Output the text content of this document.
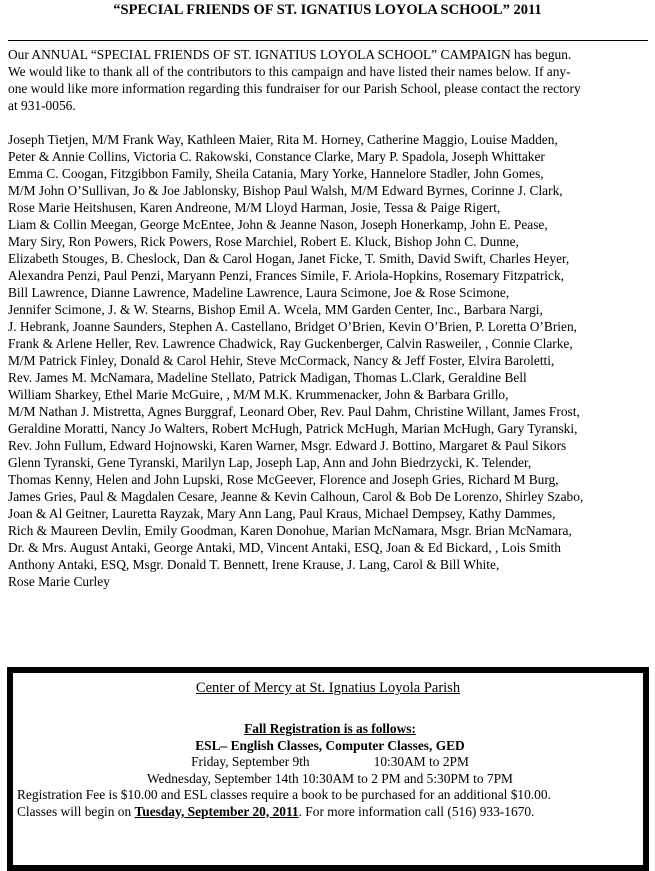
“SPECIAL FRIENDS OF ST. IGNATIUS LOYOLA SCHOOL” 2011
Our ANNUAL “SPECIAL FRIENDS OF ST. IGNATIUS LOYOLA SCHOOL” CAMPAIGN has begun.
We would like to thank all of the contributors to this campaign and have listed their names below. If any-
one would like more information regarding this fundraiser for our Parish School, please contact the rectory
at 931-0056.
Joseph Tietjen, M/M Frank Way, Kathleen Maier, Rita M. Horney, Catherine Maggio, Louise Madden,
Peter & Annie Collins, Victoria C. Rakowski, Constance Clarke, Mary P. Spadola, Joseph Whittaker
Emma C. Coogan, Fitzgibbon Family, Sheila Catania, Mary Yorke, Hannelore Stadler, John Gomes,
M/M John O’Sullivan, Jo & Joe Jablonsky, Bishop Paul Walsh, M/M Edward Byrnes, Corinne J. Clark,
Rose Marie Heitshusen, Karen Andreone, M/M Lloyd Harman, Josie, Tessa & Paige Rigert,
Liam & Collin Meegan, George McEntee, John & Jeanne Nason, Joseph Honerkamp, John E. Pease,
Mary Siry, Ron Powers, Rick Powers, Rose Marchiel, Robert E. Kluck, Bishop John C. Dunne,
Elizabeth Stouges, B. Cheslock, Dan & Carol Hogan, Janet Ficke, T. Smith, David Swift, Charles Heyer,
Alexandra Penzi, Paul Penzi, Maryann Penzi, Frances Simile, F. Ariola-Hopkins, Rosemary Fitzpatrick,
Bill Lawrence, Dianne Lawrence, Madeline Lawrence, Laura Scimone, Joe & Rose Scimone,
Jennifer Scimone, J. & W. Stearns, Bishop Emil A. Wcela, MM Garden Center, Inc., Barbara Nargi,
J. Hebrank, Joanne Saunders, Stephen A. Castellano, Bridget O’Brien, Kevin O’Brien, P. Loretta O’Brien,
Frank & Arlene Heller, Rev. Lawrence Chadwick, Ray Guckenberger, Calvin Rasweiler, , Connie Clarke,
M/M Patrick Finley, Donald & Carol Hehir, Steve McCormack, Nancy & Jeff Foster, Elvira Baroletti,
Rev. James M. McNamara, Madeline Stellato, Patrick Madigan, Thomas L.Clark, Geraldine Bell
William Sharkey, Ethel Marie McGuire, , M/M M.K. Krummenacker, John & Barbara Grillo,
M/M Nathan J. Mistretta, Agnes Burggraf, Leonard Ober, Rev. Paul Dahm, Christine Willant, James Frost,
Geraldine Moratti, Nancy Jo Walters, Robert McHugh, Patrick McHugh, Marian McHugh, Gary Tyranski,
Rev. John Fullum, Edward Hojnowski, Karen Warner, Msgr. Edward J. Bottino, Margaret & Paul Sikors
Glenn Tyranski, Gene Tyranski, Marilyn Lap, Joseph Lap, Ann and John Biedrzycki, K. Telender,
Thomas Kenny, Helen and John Lupski, Rose McGeever, Florence and Joseph Gries, Richard M Burg,
James Gries, Paul & Magdalen Cesare, Jeanne & Kevin Calhoun, Carol & Bob De Lorenzo, Shirley Szabo,
Joan & Al Geitner, Lauretta Rayzak, Mary Ann Lang, Paul Kraus, Michael Dempsey, Kathy Dammes,
Rich & Maureen Devlin, Emily Goodman, Karen Donohue, Marian McNamara, Msgr. Brian McNamara,
Dr. & Mrs. August Antaki, George Antaki, MD, Vincent Antaki, ESQ, Joan & Ed Bickard, , Lois Smith
Anthony Antaki, ESQ, Msgr. Donald T. Bennett, Irene Krause, J. Lang, Carol & Bill White,
Rose Marie Curley
Center of Mercy at St. Ignatius Loyola Parish
Fall Registration is as follows:
ESL– English Classes, Computer Classes, GED
Friday, September 9th	10:30AM to 2PM
Wednesday, September 14th 10:30AM to 2 PM and 5:30PM to 7PM
Registration Fee is $10.00 and ESL classes require a book to be purchased for an additional $10.00.
Classes will begin on Tuesday, September 20, 2011. For more information call (516) 933-1670.
